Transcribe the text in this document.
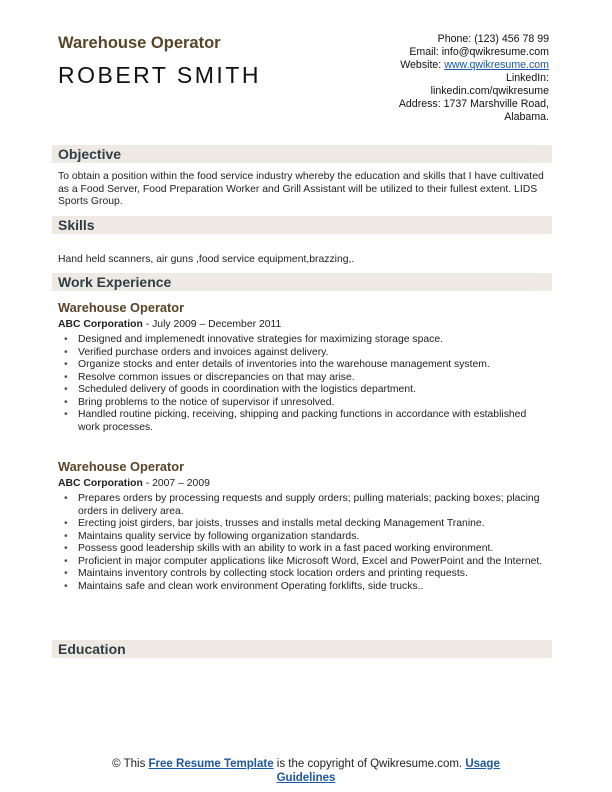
Warehouse Operator
ROBERT SMITH
Phone: (123) 456 78 99
Email: info@qwikresume.com
Website: www.qwikresume.com
LinkedIn:
linkedin.com/qwikresume
Address: 1737 Marshville Road,
Alabama.
Objective
To obtain a position within the food service industry whereby the education and skills that I have cultivated as a Food Server, Food Preparation Worker and Grill Assistant will be utilized to their fullest extent. LIDS Sports Group.
Skills
Hand held scanners, air guns ,food service equipment,brazzing,.
Work Experience
Warehouse Operator
ABC Corporation - July 2009 – December 2011
• Designed and implemenedt innovative strategies for maximizing storage space.
• Verified purchase orders and invoices against delivery.
• Organize stocks and enter details of inventories into the warehouse management system.
• Resolve common issues or discrepancies on that may arise.
• Scheduled delivery of goods in coordination with the logistics department.
• Bring problems to the notice of supervisor if unresolved.
• Handled routine picking, receiving, shipping and packing functions in accordance with established work processes.
Warehouse Operator
ABC Corporation - 2007 – 2009
• Prepares orders by processing requests and supply orders; pulling materials; packing boxes; placing orders in delivery area.
• Erecting joist girders, bar joists, trusses and installs metal decking Management Tranine.
• Maintains quality service by following organization standards.
• Possess good leadership skills with an ability to work in a fast paced working environment.
• Proficient in major computer applications like Microsoft Word, Excel and PowerPoint and the Internet.
• Maintains inventory controls by collecting stock location orders and printing requests.
• Maintains safe and clean work environment Operating forklifts, side trucks..
Education
© This Free Resume Template is the copyright of Qwikresume.com. Usage
Guidelines
